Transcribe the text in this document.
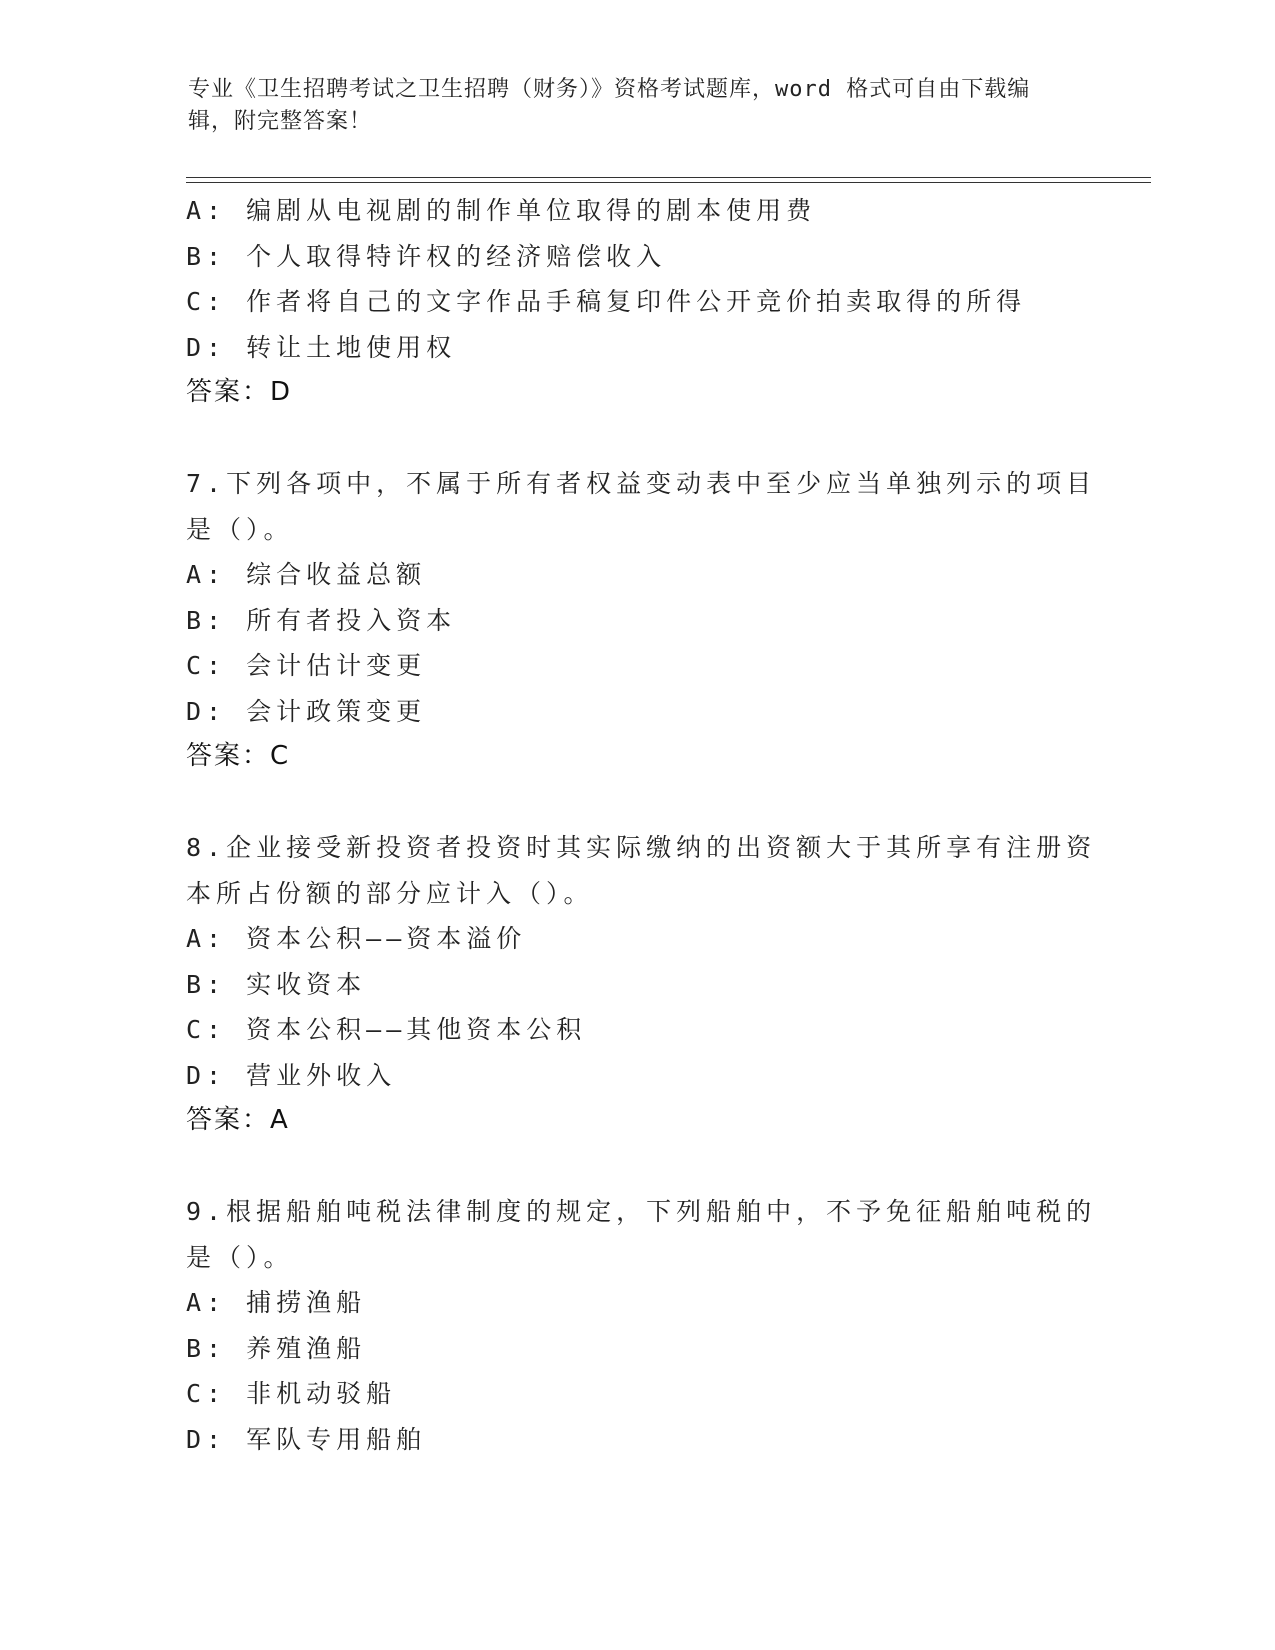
专业《卫生招聘考试之卫生招聘（财务）》资格考试题库，word 格式可自由下载编辑，附完整答案！
A: 编剧从电视剧的制作单位取得的剧本使用费
B: 个人取得特许权的经济赔偿收入
C: 作者将自己的文字作品手稿复印件公开竞价拍卖取得的所得
D: 转让土地使用权
答案：D
7.下列各项中，不属于所有者权益变动表中至少应当单独列示的项目
是（）。
A: 综合收益总额
B: 所有者投入资本
C: 会计估计变更
D: 会计政策变更
答案：C
8.企业接受新投资者投资时其实际缴纳的出资额大于其所享有注册资
本所占份额的部分应计入（）。
A: 资本公积——资本溢价
B: 实收资本
C: 资本公积——其他资本公积
D: 营业外收入
答案：A
9.根据船舶吨税法律制度的规定，下列船舶中，不予免征船舶吨税的
是（）。
A: 捕捞渔船
B: 养殖渔船
C: 非机动驳船
D: 军队专用船舶
